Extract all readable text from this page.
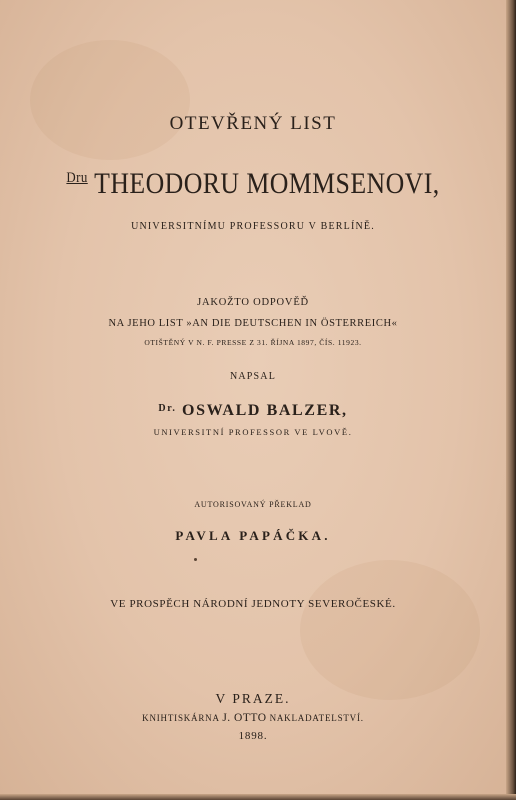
OTEVŘENÝ LIST
$^{Dru}$ THEODORU MOMMSENOVI,
UNIVERSITNÍMU PROFESSORU V BERLÍNĚ.
JAKOŽTO ODPOVĚĎ
NA JEHO LIST »AN DIE DEUTSCHEN IN ÖSTERREICH«
OTIŠTĚNÝ V N. F. PRESSE Z 31. ŘÍJNA 1897, ČÍS. 11923.
NAPSAL
$^{Dr.}$ OSWALD BALZER,
UNIVERSITNÍ PROFESSOR VE LVOVĚ.
AUTORISOVANÝ PŘEKLAD
PAVLA PAPÁČKA.
VE PROSPĚCH NÁRODNÍ JEDNOTY SEVEROČESKÉ.
V PRAZE.
KNIHTISKÁRNA J. OTTO NAKLADATELSTVÍ.
1898.
